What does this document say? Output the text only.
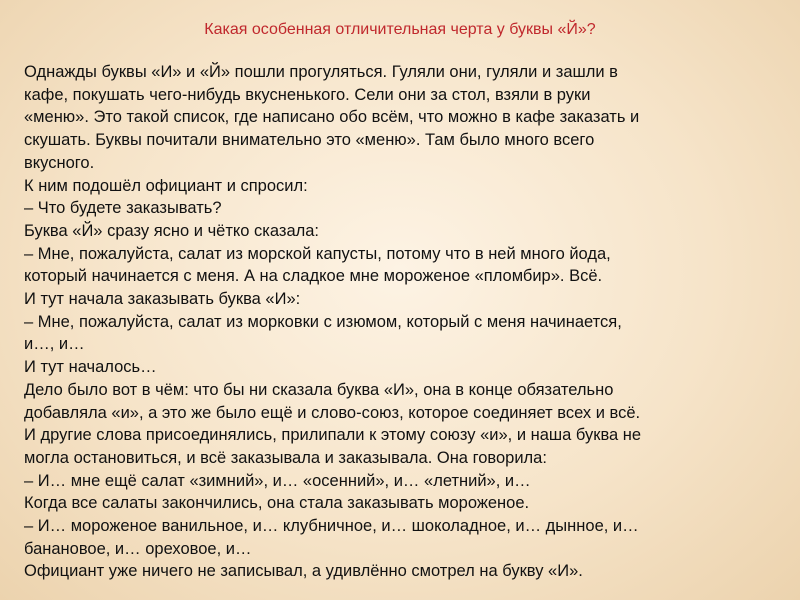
Какая особенная отличительная черта у буквы «Й»?

Однажды буквы «И» и «Й» пошли прогуляться. Гуляли они, гуляли и зашли в

кафе, покушать чего-нибудь вкусненького. Сели они за стол, взяли в руки

«меню». Это такой список, где написано обо всём, что можно в кафе заказать и

скушать. Буквы почитали внимательно это «меню». Там было много всего

вкусного.

К ним подошёл официант и спросил:

– Что будете заказывать?

Буква «Й» сразу ясно и чётко сказала:

– Мне, пожалуйста, салат из морской капусты, потому что в ней много йода,

который начинается с меня. А на сладкое мне мороженое «пломбир». Всё.

И тут начала заказывать буква «И»:

– Мне, пожалуйста, салат из морковки с изюмом, который с меня начинается,

и…, и…

И тут началось…

Дело было вот в чём: что бы ни сказала буква «И», она в конце обязательно

добавляла «и», а это же было ещё и слово-союз, которое соединяет всех и всё.

И другие слова присоединялись, прилипали к этому союзу «и», и наша буква не

могла остановиться, и всё заказывала и заказывала. Она говорила:

– И… мне ещё салат «зимний», и… «осенний», и… «летний», и…

Когда все салаты закончились, она стала заказывать мороженое.

– И… мороженое ванильное, и… клубничное, и… шоколадное, и… дынное, и…

банановое, и… ореховое, и…

Официант уже ничего не записывал, а удивлённо смотрел на букву «И».
